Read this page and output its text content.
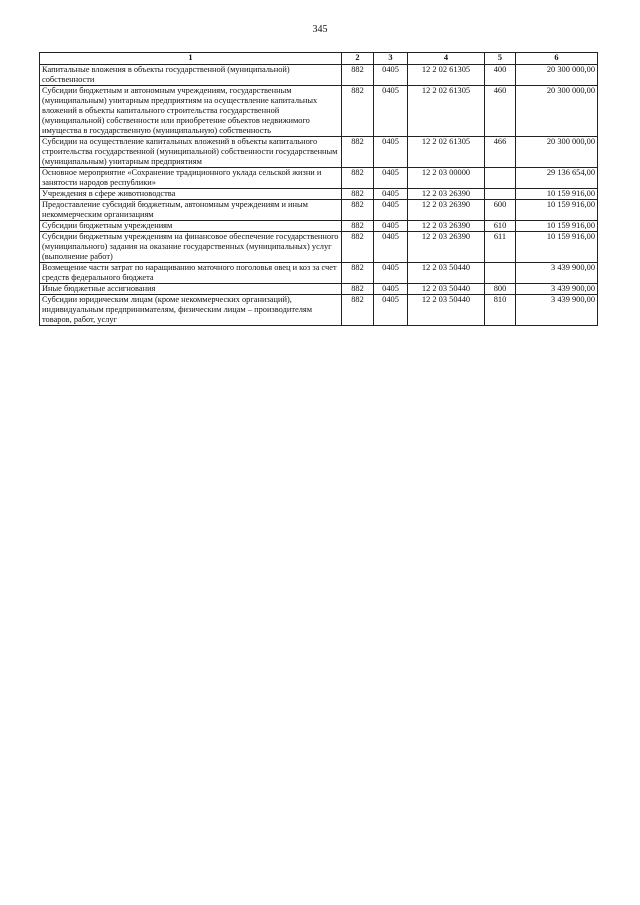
345
1	2	3	4	5	6
Капитальные вложения в объекты государственной (муниципальной) собственности	882	0405	12 2 02 61305	400	20 300 000,00
Субсидии бюджетным и автономным учреждениям, государственным (муниципальным) унитарным предприятиям на осуществление капитальных вложений в объекты капитального строительства государственной (муниципальной) собственности или приобретение объектов недвижимого имущества в государственную (муниципальную) собственность	882	0405	12 2 02 61305	460	20 300 000,00
Субсидии на осуществление капитальных вложений в объекты капитального строительства государственной (муниципальной) собственности государственным (муниципальным) унитарным предприятиям	882	0405	12 2 02 61305	466	20 300 000,00
Основное мероприятие «Сохранение традиционного уклада сельской жизни и занятости народов республики»	882	0405	12 2 03 00000		29 136 654,00
Учреждения в сфере животноводства	882	0405	12 2 03 26390		10 159 916,00
Предоставление субсидий бюджетным, автономным учреждениям и иным некоммерческим организациям	882	0405	12 2 03 26390	600	10 159 916,00
Субсидии бюджетным учреждениям	882	0405	12 2 03 26390	610	10 159 916,00
Субсидии бюджетным учреждениям на финансовое обеспечение государственного (муниципального) задания на оказание государственных (муниципальных) услуг (выполнение работ)	882	0405	12 2 03 26390	611	10 159 916,00
Возмещение части затрат по наращиванию маточного поголовья овец и коз за счет средств федерального бюджета	882	0405	12 2 03 50440		3 439 900,00
Иные бюджетные ассигнования	882	0405	12 2 03 50440	800	3 439 900,00
Субсидии юридическим лицам (кроме некоммерческих организаций), индивидуальным предпринимателям, физическим лицам – производителям товаров, работ, услуг	882	0405	12 2 03 50440	810	3 439 900,00
